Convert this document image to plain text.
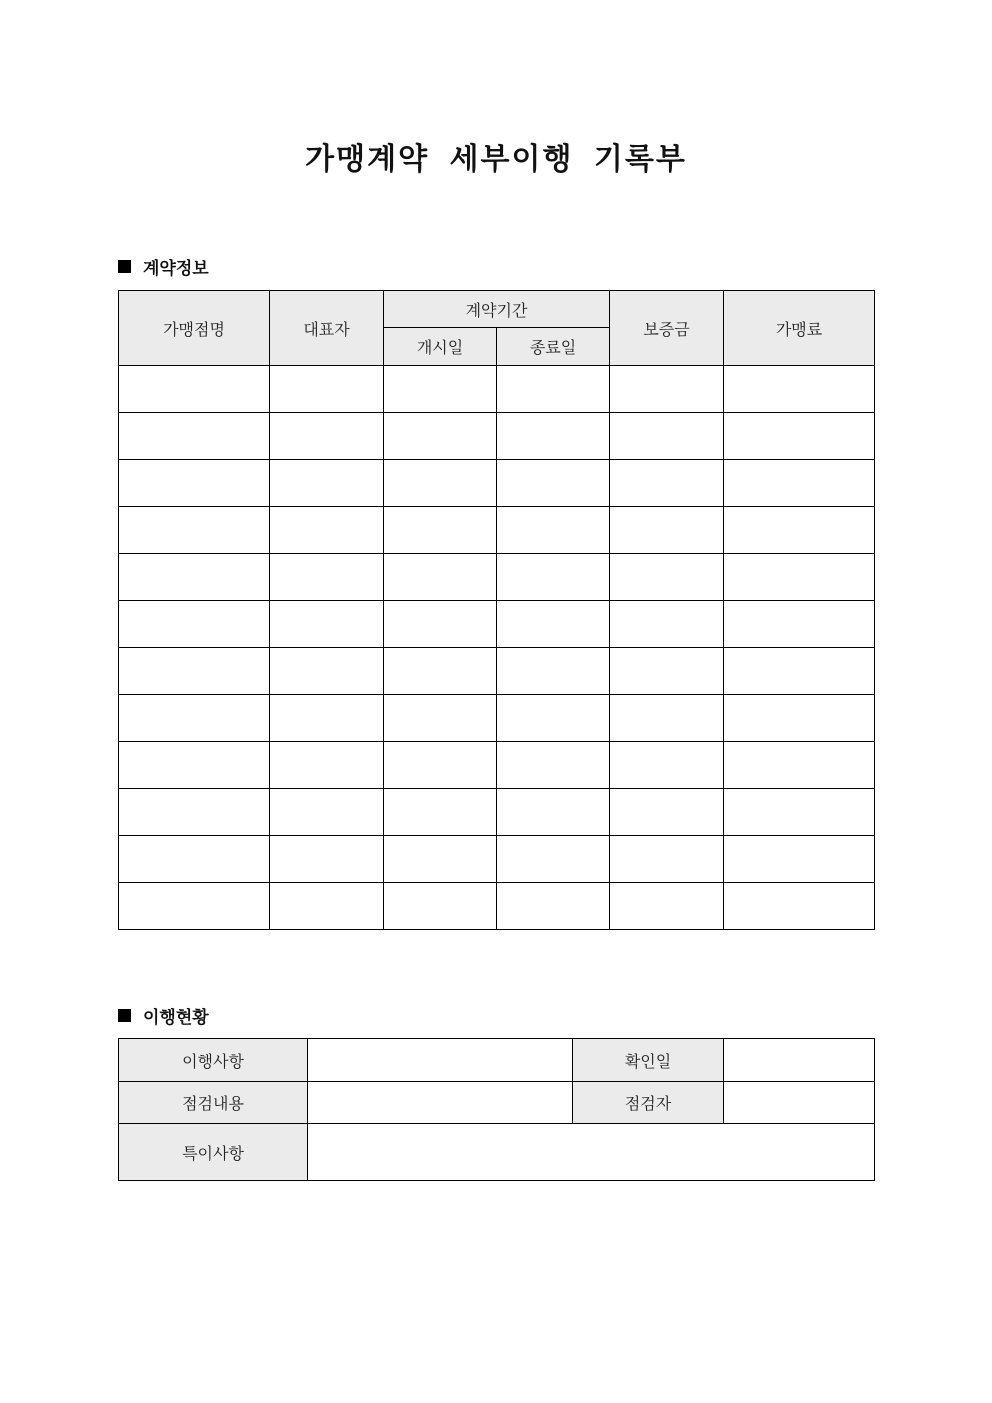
가맹계약 세부이행 기록부
계약정보
가맹점명	대표자	계약기간		보증금	가맹료
		개시일	종료일		

이행현황
이행사항		확인일	
점검내용		점검자	
특이사항			
